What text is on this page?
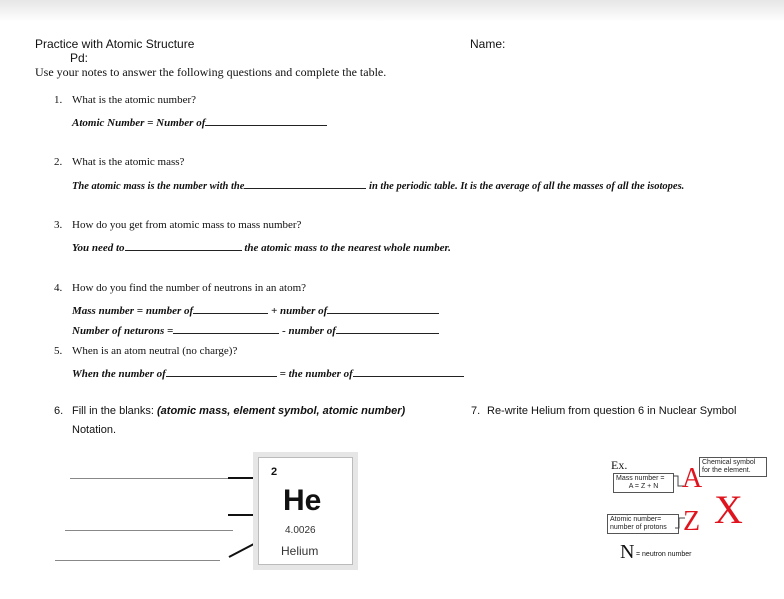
Practice with Atomic Structure
Pd:
Name:
Use your notes to answer the following questions and complete the table.
1. What is the atomic number?
Atomic Number = Number of
2. What is the atomic mass?
The atomic mass is the number with the	in the periodic table. It is the average of all the masses of all the isotopes.
3. How do you get from atomic mass to mass number?
You need to	the atomic mass to the nearest whole number.
4. How do you find the number of neutrons in an atom?
Mass number = number of	+ number of
Number of neturons =	- number of
5. When is an atom neutral (no charge)?
When the number of	= the number of
6. Fill in the blanks: (atomic mass, element symbol, atomic number)	7. Re-write Helium from question 6 in Nuclear Symbol
Notation.
2
He
4.0026
Helium
Ex.
Mass number =
A = Z + N
Chemical symbol
for the element.
A
X
Z
Atomic number=
number of protons
N = neutron number
